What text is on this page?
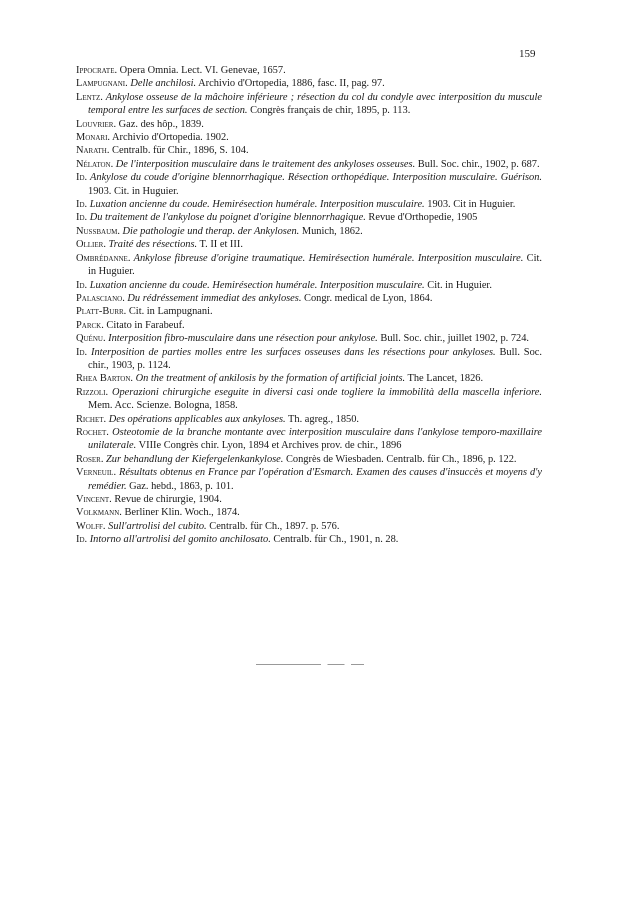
159
Ippocrate. Opera Omnia. Lect. VI. Genevae, 1657.
Lampugnani. Delle anchilosi. Archivio d'Ortopedia, 1886, fasc. II, pag. 97.
Lentz. Ankylose osseuse de la mâchoire inférieure ; résection du col du condyle avec interposition du muscule temporal entre les surfaces de section. Congrès français de chir, 1895, p. 113.
Louvrier. Gaz. des hôp., 1839.
Monari. Archivio d'Ortopedia. 1902.
Narath. Centralb. für Chir., 1896, S. 104.
Nélaton. De l'interposition musculaire dans le traitement des ankyloses osseuses. Bull. Soc. chir., 1902, p. 687.
Id. Ankylose du coude d'origine blennorrhagique. Résection orthopédique. Interposition musculaire. Guérison. 1903. Cit. in Huguier.
Id. Luxation ancienne du coude. Hemirésection humérale. Interposition musculaire. 1903. Cit in Huguier.
Id. Du traitement de l'ankylose du poignet d'origine blennorrhagique. Revue d'Orthopedie, 1905
Nussbaum. Die pathologie und therap. der Ankylosen. Munich, 1862.
Ollier. Traité des résections. T. II et III.
Ombrédanne. Ankylose fibreuse d'origine traumatique. Hemirésection humérale. Interposition musculaire. Cit. in Huguier.
Id. Luxation ancienne du coude. Hemirésection humérale. Interposition musculaire. Cit. in Huguier.
Palasciano. Du rédréssement immediat des ankyloses. Congr. medical de Lyon, 1864.
Platt-Burr. Cit. in Lampugnani.
Parck. Citato in Farabeuf.
Quénu. Interposition fibro-musculaire dans une résection pour ankylose. Bull. Soc. chir., juillet 1902, p. 724.
Id. Interposition de parties molles entre les surfaces osseuses dans les résections pour ankyloses. Bull. Soc. chir., 1903, p. 1124.
Rhea Barton. On the treatment of ankilosis by the formation of artificial joints. The Lancet, 1826.
Rizzoli. Operazioni chirurgiche eseguite in diversi casi onde togliere la immobilità della mascella inferiore. Mem. Acc. Scienze. Bologna, 1858.
Richet. Des opérations applicables aux ankyloses. Th. agreg., 1850.
Rochet. Osteotomie de la branche montante avec interposition musculaire dans l'ankylose temporo-maxillaire unilaterale. VIIIe Congrès chir. Lyon, 1894 et Archives prov. de chir., 1896
Roser. Zur behandlung der Kiefergelenkankylose. Congrès de Wiesbaden. Centralb. für Ch., 1896, p. 122.
Verneuil. Résultats obtenus en France par l'opération d'Esmarch. Examen des causes d'insuccès et moyens d'y remédier. Gaz. hebd., 1863, p. 101.
Vincent. Revue de chirurgie, 1904.
Volkmann. Berliner Klin. Woch., 1874.
Wolff. Sull'artrolisi del cubito. Centralb. für Ch., 1897. p. 576.
Id. Intorno all'artrolisi del gomito anchilosato. Centralb. für Ch., 1901, n. 28.
